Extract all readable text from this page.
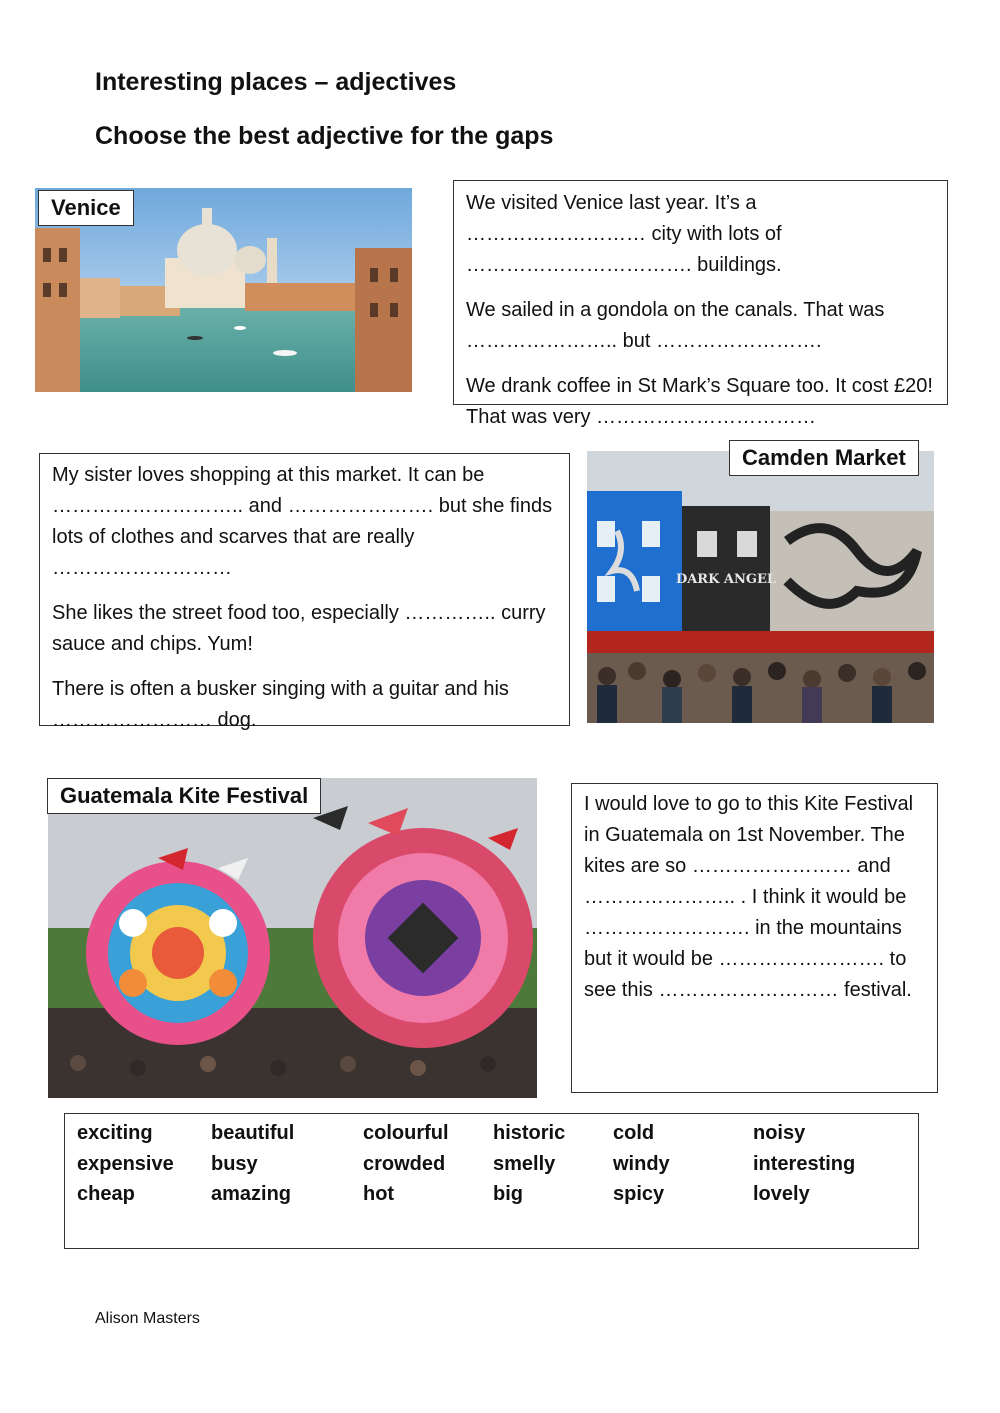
Interesting places – adjectives
Choose the best adjective for the gaps
Venice	We visited Venice last year. It’s a ……………………… city with lots of ……………………………. buildings.

We sailed in a gondola on the canals. That was ………………….. but …………………….

We drank coffee in St Mark’s Square too. It cost £20! That was very ……………………………

My sister loves shopping at this market. It can be ……………………….. and …………………. but she finds lots of clothes and scarves that are really ………………………

She likes the street food too, especially ………….. curry sauce and chips. Yum!

There is often a busker singing with a guitar and his …………………… dog.

DARK ANGEL
Camden Market
Guatemala Kite Festival	I would love to go to this Kite Festival in Guatemala on 1st November. The kites are so …………………… and ………………….. . I think it would be ……………………. in the mountains but it would be ……………………. to see this ……………………… festival.

exciting	beautiful	colourful historic cold	noisy
expensive busy	crowded smelly	windy	interesting
cheap	amazing	hot	big	spicy	lovely
Alison Masters
